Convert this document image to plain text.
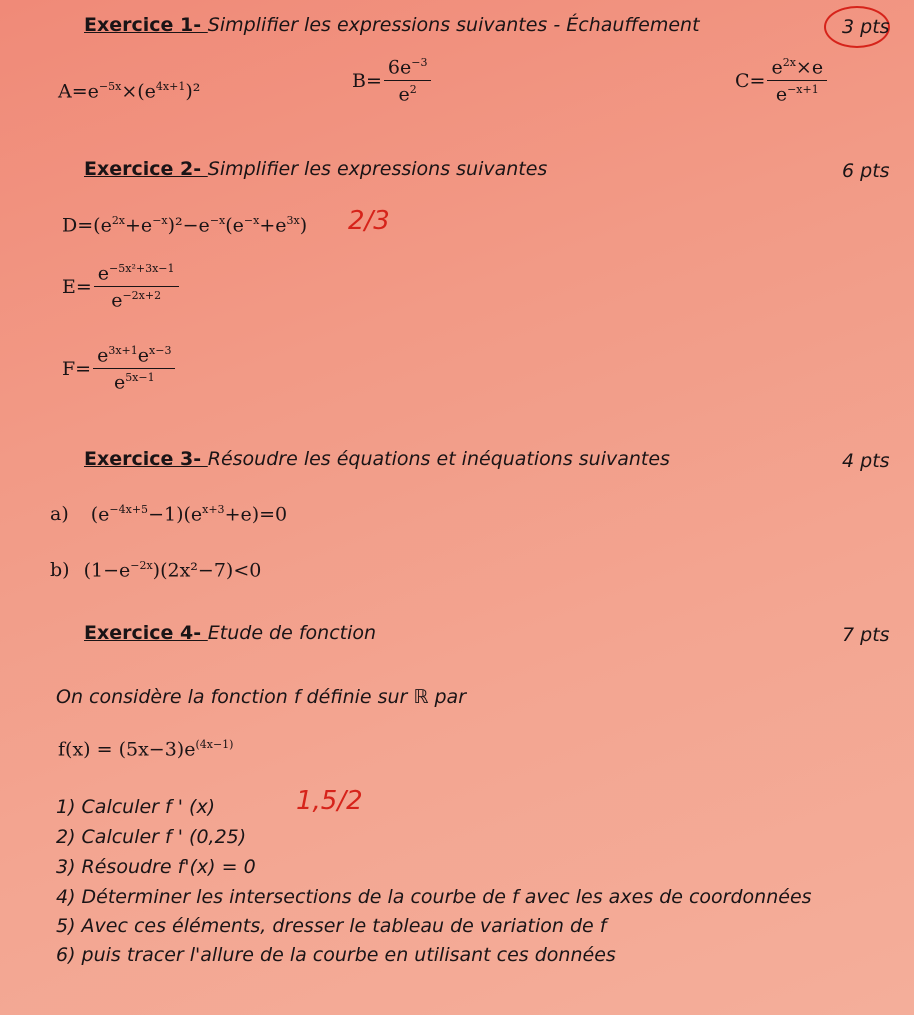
Exercice 1- Simplifier les expressions suivantes - Échauffement	3 pts
$A=e^{-5x}\times(e^{4x+1})^2$	$B= \frac{6e^{-3}}{e^2}$	$C= \frac{e^{2x}\times e}{e^{-x+1}}$
Exercice 2- Simplifier les expressions suivantes	6 pts
$D=(e^{2x}+e^{-x})^2-e^{-x}(e^{-x}+e^{3x})$ 2/3
$E= \frac{e^{-5x^2+3x-1}}{e^{-2x+2}}$
$F= \frac{e^{3x+1}e^{x-3}}{e^{5x-1}}$
Exercice 3- Résoudre les équations et inéquations suivantes	4 pts
a) $(e^{-4x+5}-1)(e^{x+3}+e)=0$
b) $(1-e^{-2x})(2x^2-7)<0$
Exercice 4- Etude de fonction	7 pts
On considère la fonction f définie sur ℝ par
$f(x) = (5x-3)e^{(4x-1)}$
1) Calculer f ' (x)	1,5/2
2) Calculer f ' (0,25)
3) Résoudre f'(x) = 0
4) Déterminer les intersections de la courbe de f avec les axes de coordonnées
5) Avec ces éléments, dresser le tableau de variation de f
6) puis tracer l'allure de la courbe en utilisant ces données
